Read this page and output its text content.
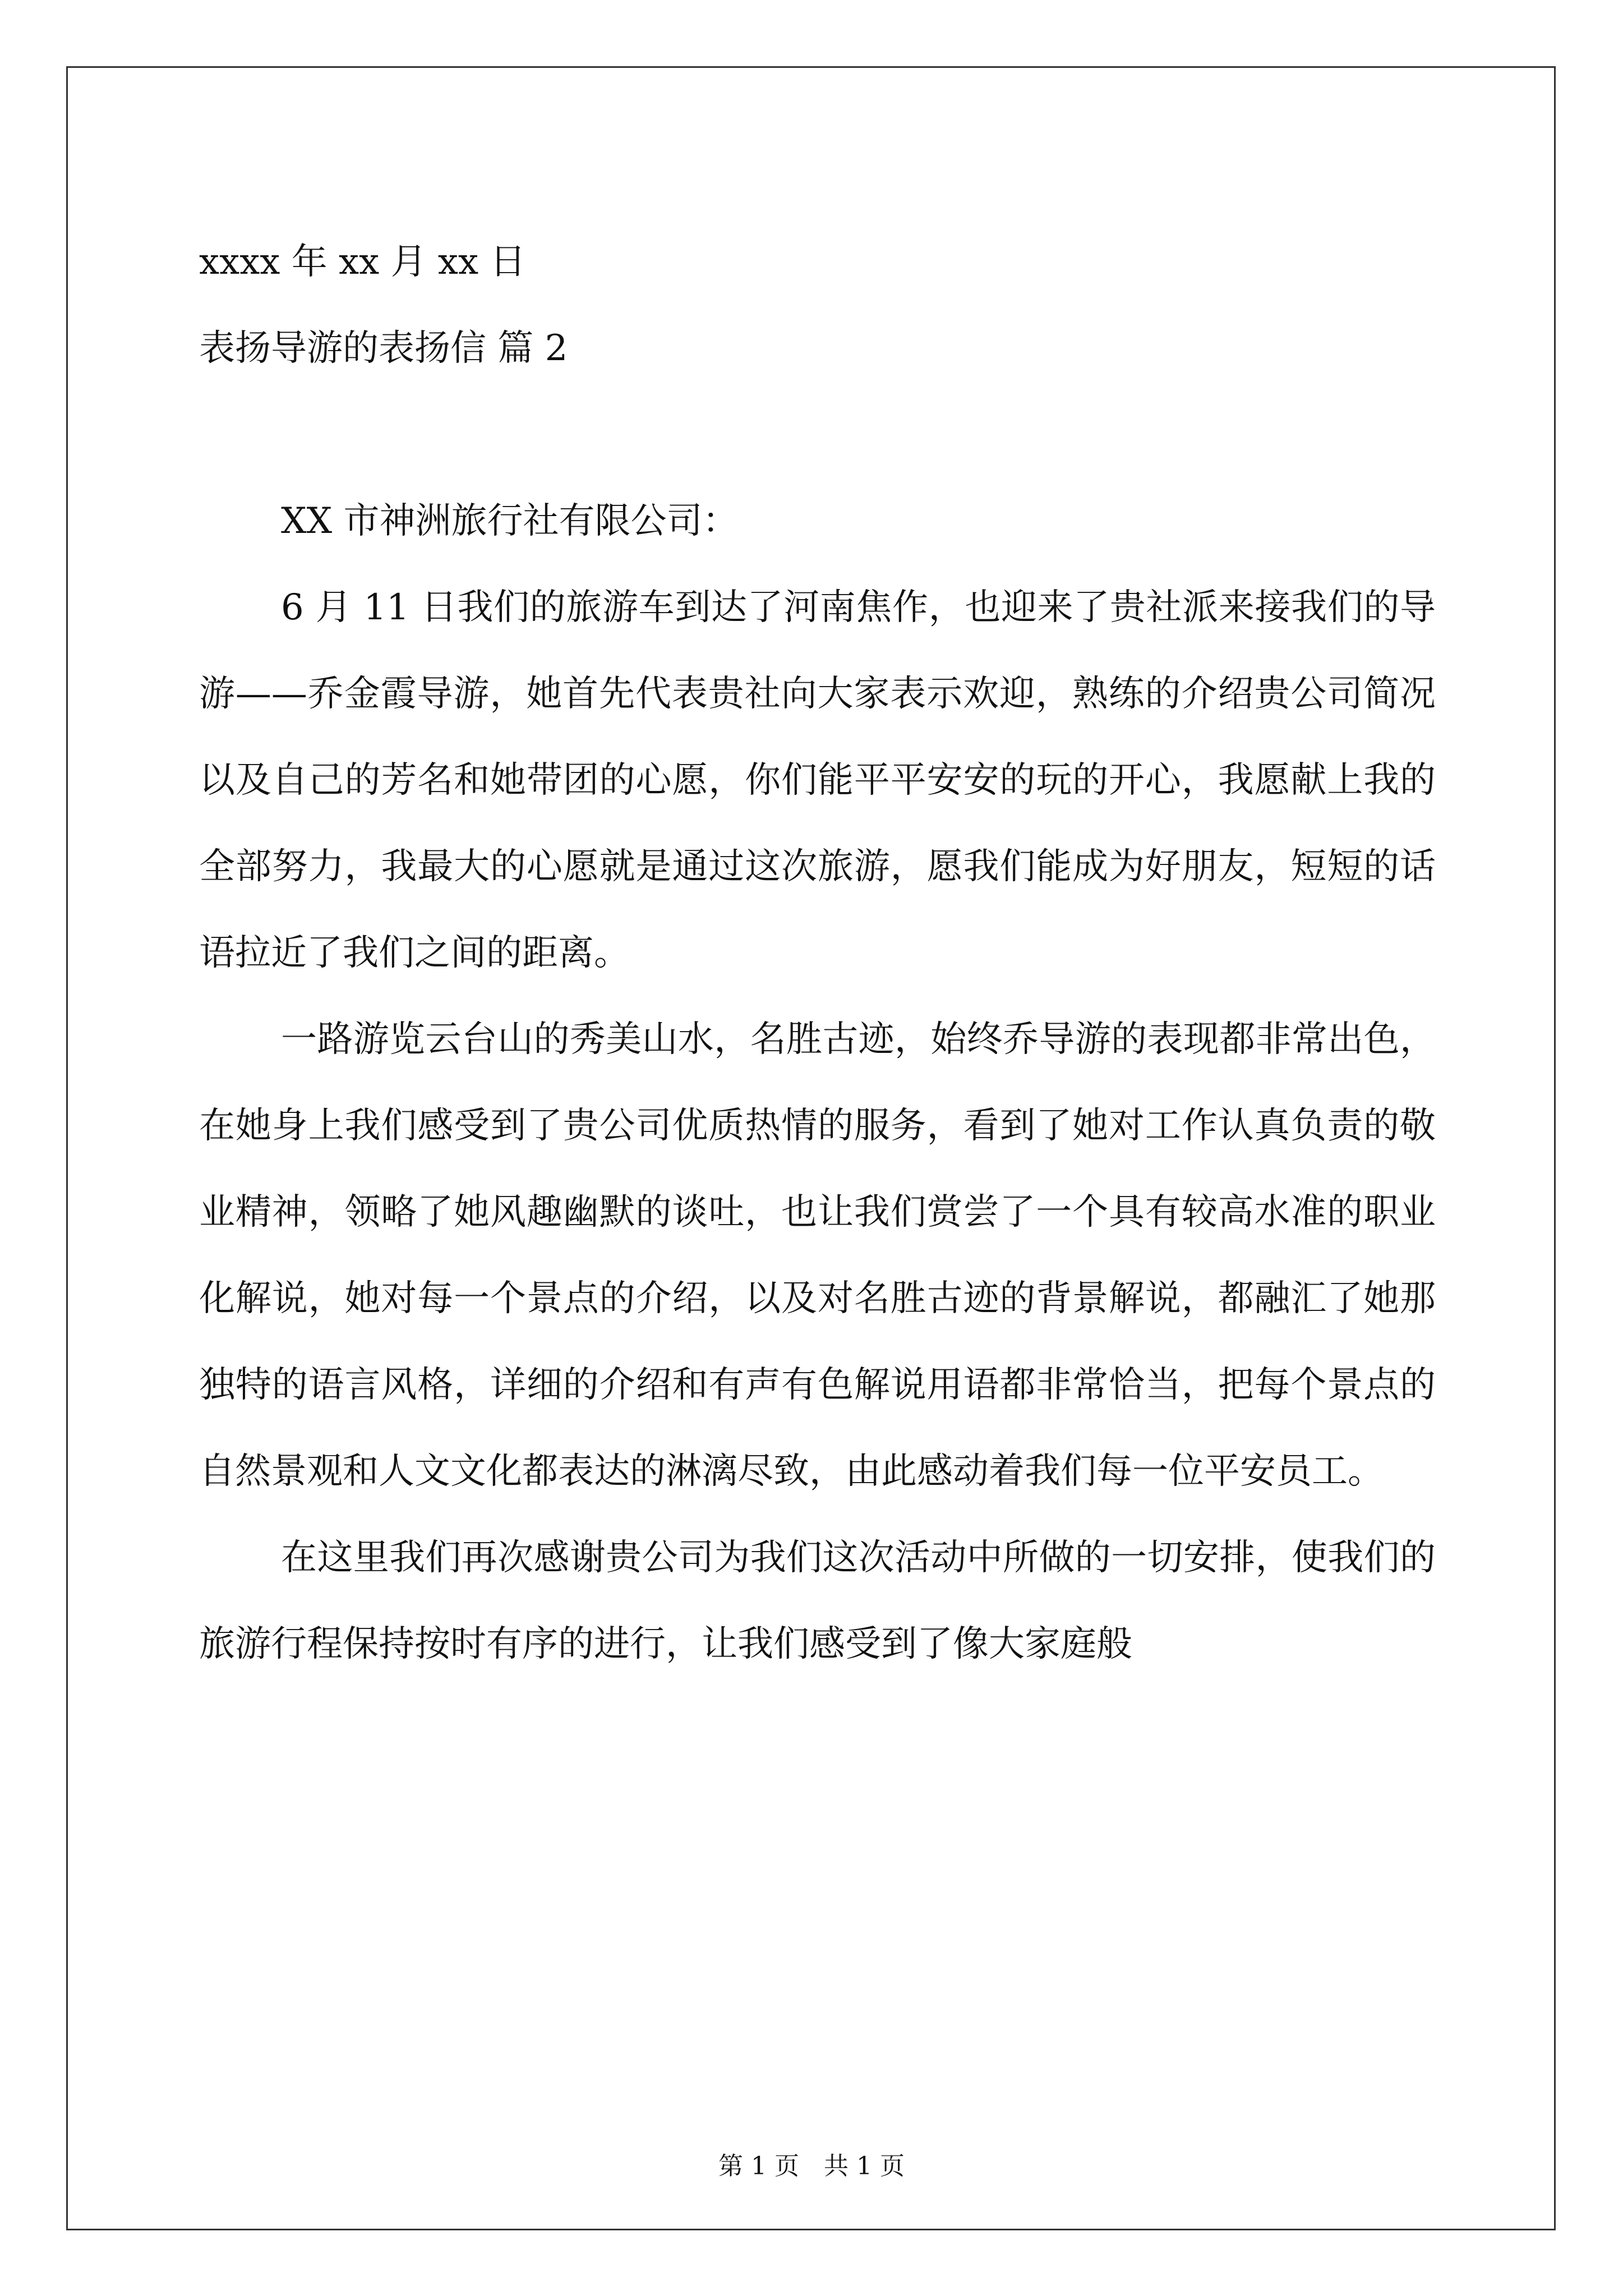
xxxx 年 xx 月 xx 日
表扬导游的表扬信 篇 2

XX 市神洲旅行社有限公司：

6 月 11 日我们的旅游车到达了河南焦作，也迎来了贵社派来接我们的导游——乔金霞导游，她首先代表贵社向大家表示欢迎，熟练的介绍贵公司简况以及自己的芳名和她带团的心愿，你们能平平安安的玩的开心，我愿献上我的全部努力，我最大的心愿就是通过这次旅游，愿我们能成为好朋友，短短的话语拉近了我们之间的距离。

一路游览云台山的秀美山水，名胜古迹，始终乔导游的表现都非常出色，在她身上我们感受到了贵公司优质热情的服务，看到了她对工作认真负责的敬业精神，领略了她风趣幽默的谈吐，也让我们赏尝了一个具有较高水准的职业化解说，她对每一个景点的介绍，以及对名胜古迹的背景解说，都融汇了她那独特的语言风格，详细的介绍和有声有色解说用语都非常恰当，把每个景点的自然景观和人文文化都表达的淋漓尽致，由此感动着我们每一位平安员工。

在这里我们再次感谢贵公司为我们这次活动中所做的一切安排，使我们的旅游行程保持按时有序的进行，让我们感受到了像大家庭般

第 1 页　共 1 页
